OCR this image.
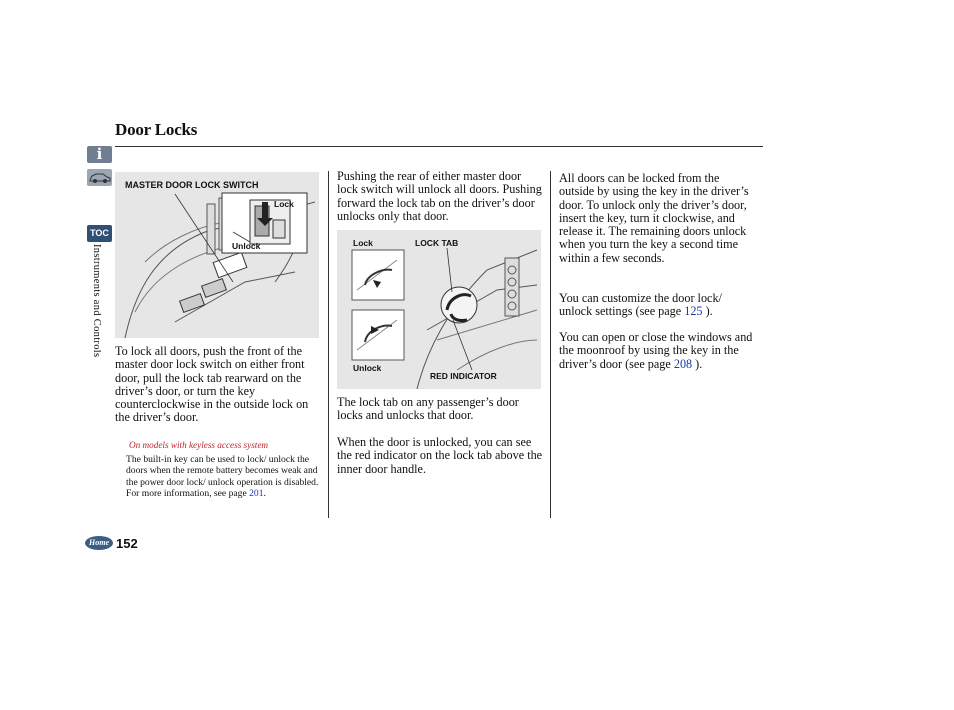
Door Locks
i
TOC
Instruments and Controls
Home 152
MASTER DOOR LOCK SWITCH
Lock
Unlock	Lock	LOCK TAB
Unlock
RED INDICATOR
To lock all doors, push the front of the master door lock switch on either front door, pull the lock tab rearward on the driver’s door, or turn the key counterclockwise in the outside lock on the driver’s door.
On models with keyless access system
The built-in key can be used to lock/ unlock the doors when the remote battery becomes weak and the power door lock/ unlock operation is disabled. For more information, see page 201.
Pushing the rear of either master door lock switch will unlock all doors. Pushing forward the lock tab on the driver’s door unlocks only that door.
The lock tab on any passenger’s door locks and unlocks that door.
When the door is unlocked, you can see the red indicator on the lock tab above the inner door handle.
All doors can be locked from the outside by using the key in the driver’s door. To unlock only the driver’s door, insert the key, turn it clockwise, and release it. The remaining doors unlock when you turn the key a second time within a few seconds.
You can customize the door lock/ unlock settings (see page 125 ).
You can open or close the windows and the moonroof by using the key in the driver’s door (see page 208 ).
